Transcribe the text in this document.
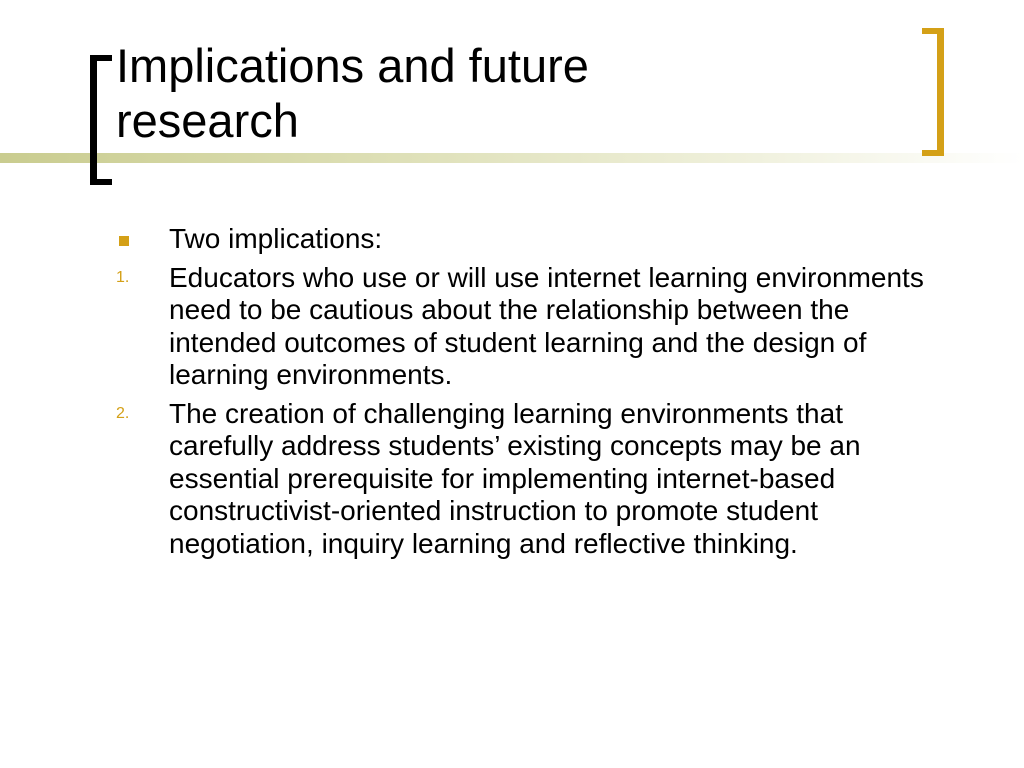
Implications and future
research
Two implications:
1. Educators who use or will use internet learning environments need to be cautious about the relationship between the intended outcomes of student learning and the design of learning environments.
2. The creation of challenging learning environments that carefully address students’ existing concepts may be an essential prerequisite for implementing internet-based constructivist-oriented instruction to promote student negotiation, inquiry learning and reflective thinking.
